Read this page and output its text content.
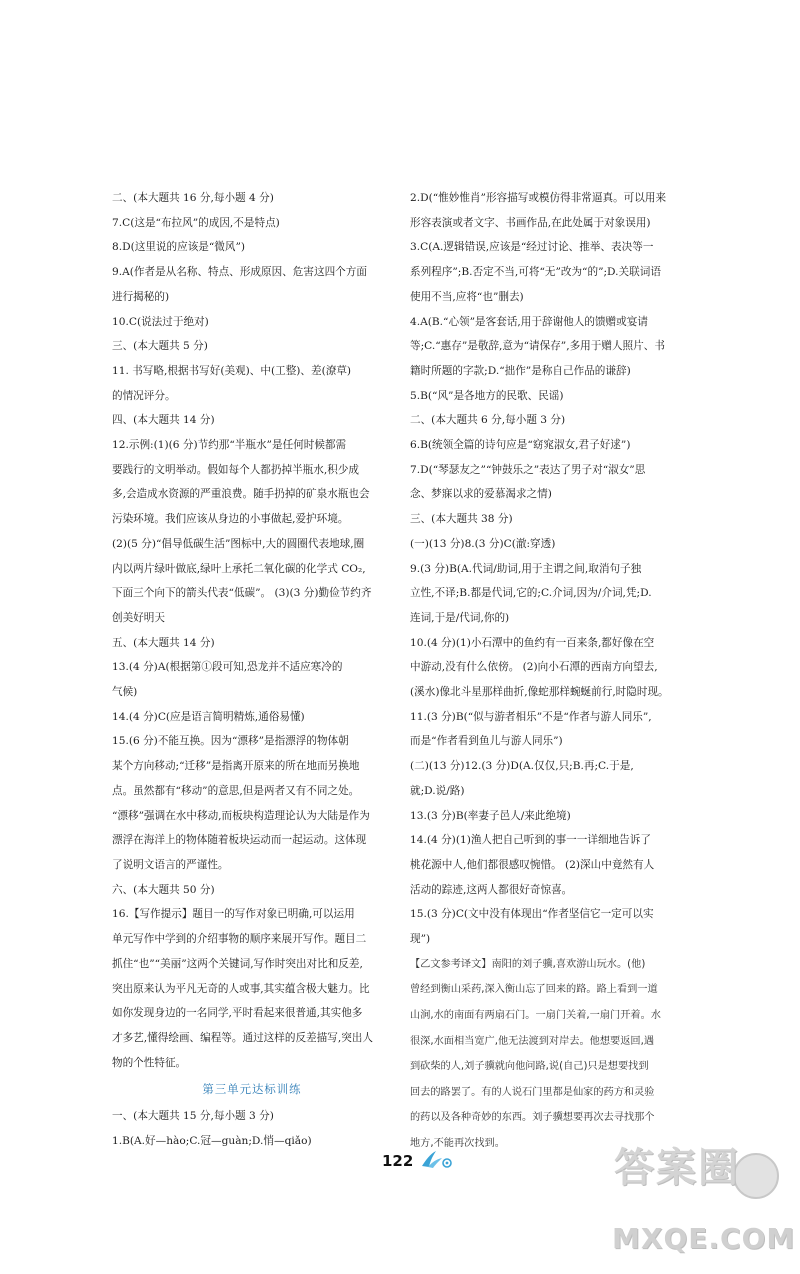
二、(本大题共 16 分,每小题 4 分)

7.C(这是“布拉风”的成因,不是特点)

8.D(这里说的应该是“微风”)

9.A(作者是从名称、特点、形成原因、危害这四个方面

进行揭秘的)

10.C(说法过于绝对)

三、(本大题共 5 分)

11. 书写略,根据书写好(美观)、中(工整)、差(潦草)

的情况评分。

四、(本大题共 14 分)

12.示例:(1)(6 分)节约那“半瓶水”是任何时候都需

要践行的文明举动。假如每个人都扔掉半瓶水,积少成

多,会造成水资源的严重浪费。随手扔掉的矿泉水瓶也会

污染环境。我们应该从身边的小事做起,爱护环境。

(2)(5 分)“倡导低碳生活”图标中,大的圆圈代表地球,圈

内以两片绿叶做底,绿叶上承托二氧化碳的化学式 CO₂,

下面三个向下的箭头代表“低碳”。 (3)(3 分)勤俭节约齐

创美好明天

五、(本大题共 14 分)

13.(4 分)A(根据第①段可知,恐龙并不适应寒冷的

气候)

14.(4 分)C(应是语言简明精炼,通俗易懂)

15.(6 分)不能互换。因为“漂移”是指漂浮的物体朝

某个方向移动;“迁移”是指离开原来的所在地而另换地

点。虽然都有“移动”的意思,但是两者又有不同之处。

“漂移”强调在水中移动,而板块构造理论认为大陆是作为

漂浮在海洋上的物体随着板块运动而一起运动。这体现

了说明文语言的严谨性。

六、(本大题共 50 分)

16.【写作提示】题目一的写作对象已明确,可以运用

单元写作中学到的介绍事物的顺序来展开写作。题目二

抓住“也”“美丽”这两个关键词,写作时突出对比和反差,

突出原来认为平凡无奇的人或事,其实蕴含极大魅力。比

如你发现身边的一名同学,平时看起来很普通,其实他多

才多艺,懂得绘画、编程等。通过这样的反差描写,突出人

物的个性特征。

第三单元达标训练

一、(本大题共 15 分,每小题 3 分)

1.B(A.好—hào;C.冠—guàn;D.悄—qiǎo)

2.D(“惟妙惟肖”形容描写或模仿得非常逼真。可以用来

形容表演或者文字、书画作品,在此处属于对象误用)

3.C(A.逻辑错误,应该是“经过讨论、推举、表决等一

系列程序”;B.否定不当,可将“无”改为“的”;D.关联词语

使用不当,应将“也”删去)

4.A(B.“心领”是客套话,用于辞谢他人的馈赠或宴请

等;C.“惠存”是敬辞,意为“请保存”,多用于赠人照片、书

籍时所题的字款;D.“拙作”是称自己作品的谦辞)

5.B(“风”是各地方的民歌、民谣)

二、(本大题共 6 分,每小题 3 分)

6.B(统领全篇的诗句应是“窈窕淑女,君子好逑”)

7.D(“琴瑟友之”“钟鼓乐之”表达了男子对“淑女”思

念、梦寐以求的爱慕渴求之情)

三、(本大题共 38 分)

(一)(13 分)8.(3 分)C(澈:穿透)

9.(3 分)B(A.代词/助词,用于主谓之间,取消句子独

立性,不译;B.都是代词,它的;C.介词,因为/介词,凭;D.

连词,于是/代词,你的)

10.(4 分)(1)小石潭中的鱼约有一百来条,都好像在空

中游动,没有什么依傍。 (2)向小石潭的西南方向望去,

(溪水)像北斗星那样曲折,像蛇那样蜿蜒前行,时隐时现。

11.(3 分)B(“似与游者相乐”不是“作者与游人同乐”,

而是“作者看到鱼儿与游人同乐”)

(二)(13 分)12.(3 分)D(A.仅仅,只;B.再;C.于是,

就;D.说/路)

13.(3 分)B(率妻子邑人/来此绝境)

14.(4 分)(1)渔人把自己听到的事一一详细地告诉了

桃花源中人,他们都很感叹惋惜。 (2)深山中竟然有人

活动的踪迹,这两人都很好奇惊喜。

15.(3 分)C(文中没有体现出“作者坚信它一定可以实

现”)

【乙文参考译文】南阳的刘子骥,喜欢游山玩水。(他)

曾经到衡山采药,深入衡山忘了回来的路。路上看到一道

山涧,水的南面有两扇石门。一扇门关着,一扇门开着。水

很深,水面相当宽广,他无法渡到对岸去。他想要返回,遇

到砍柴的人,刘子骥就向他问路,说(自己)只是想要找到

回去的路罢了。有的人说石门里都是仙家的药方和灵验

的药以及各种奇妙的东西。刘子骥想要再次去寻找那个

地方,不能再次找到。

122	答案圈
MXQE.COM
